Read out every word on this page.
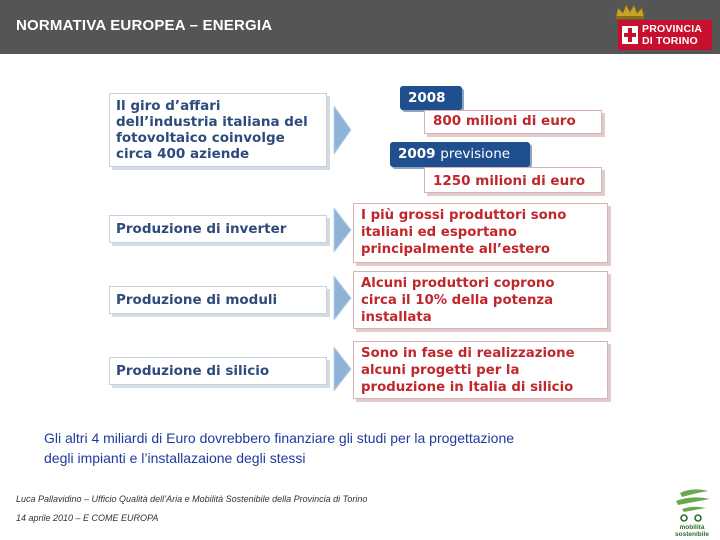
NORMATIVA EUROPEA – ENERGIA	PROVINCIA
DI TORINO
Il giro d’affari
dell’industria italiana del
fotovoltaico coinvolge
circa 400 aziende
2008
800 milioni di euro
2009 previsione
1250 milioni di euro
Produzione di inverter
I più grossi produttori sono
italiani ed esportano
principalmente all’estero
Produzione di moduli
Alcuni produttori coprono
circa il 10% della potenza
installata
Produzione di silicio
Sono in fase di realizzazione
alcuni progetti per la
produzione in Italia di silicio
Gli altri 4 miliardi di Euro dovrebbero finanziare gli studi per la progettazione
degli impianti e l’installazaione degli stessi
Luca Pallavidino – Ufficio Qualità dell’Aria e Mobilità Sostenibile della Provincia di Torino
14 aprile 2010 – E COME EUROPA
mobilità
sostenibile
